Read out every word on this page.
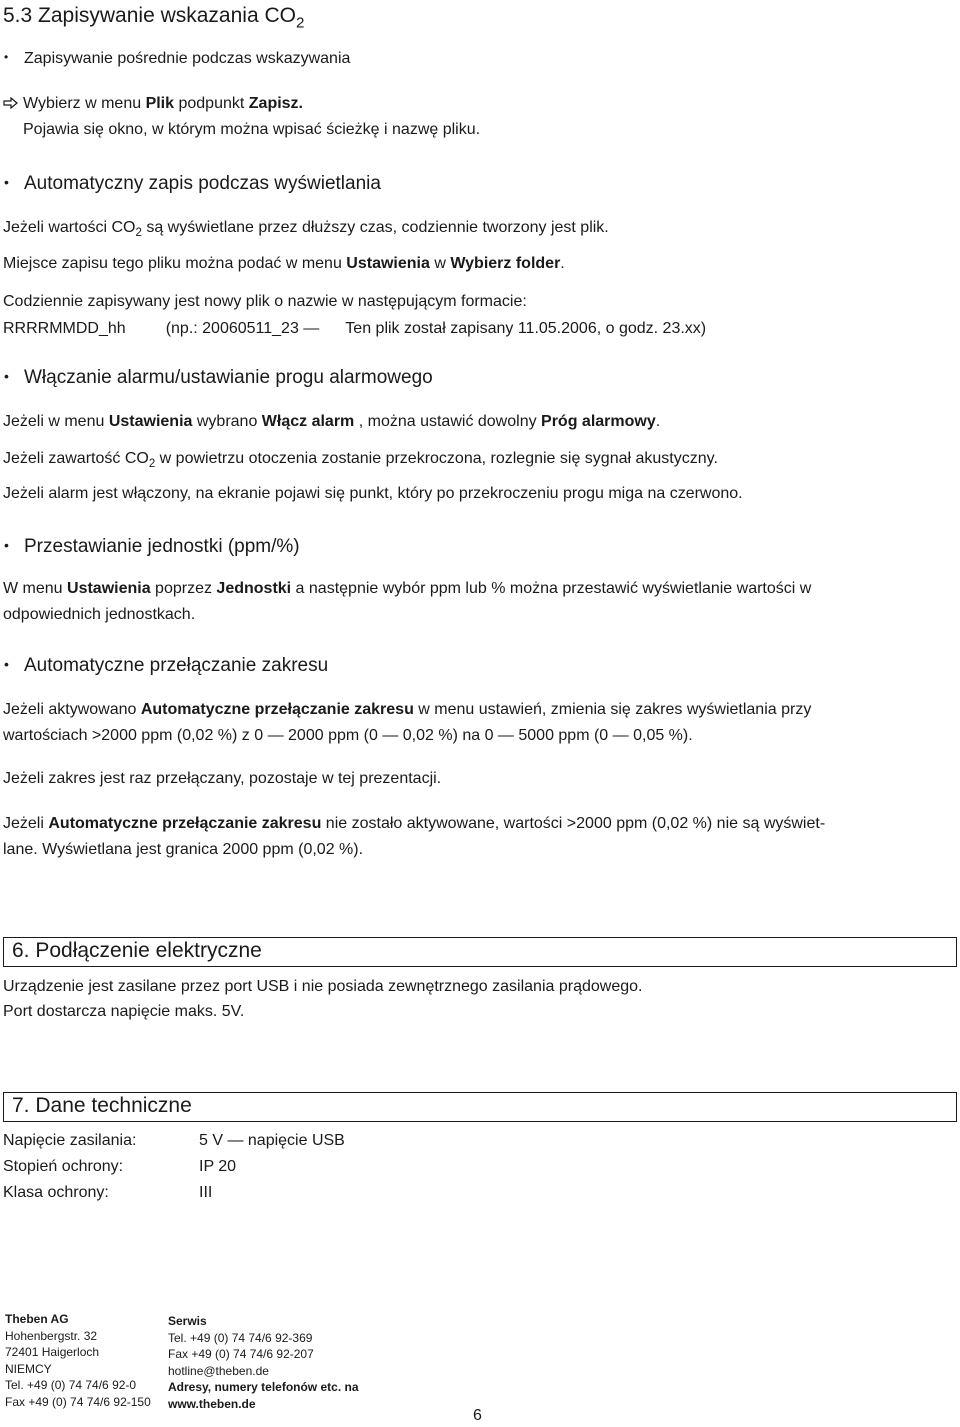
5.3 Zapisywanie wskazania $CO_2$
• Zapisywanie pośrednie podczas wskazywania
Wybierz w menu Plik podpunkt Zapisz.
Pojawia się okno, w którym można wpisać ścieżkę i nazwę pliku.
• Automatyczny zapis podczas wyświetlania
Jeżeli wartości $CO_2$ są wyświetlane przez dłuższy czas, codziennie tworzony jest plik.
Miejsce zapisu tego pliku można podać w menu Ustawienia w Wybierz folder.
Codziennie zapisywany jest nowy plik o nazwie w następującym formacie:
RRRRMMDD_hh	(np.: 20060511_23 — Ten plik został zapisany 11.05.2006, o godz. 23.xx)
• Włączanie alarmu/ustawianie progu alarmowego
Jeżeli w menu Ustawienia wybrano Włącz alarm , można ustawić dowolny Próg alarmowy.
Jeżeli zawartość $CO_2$ w powietrzu otoczenia zostanie przekroczona, rozlegnie się sygnał akustyczny.
Jeżeli alarm jest włączony, na ekranie pojawi się punkt, który po przekroczeniu progu miga na czerwono.
• Przestawianie jednostki (ppm/%)
W menu Ustawienia poprzez Jednostki a następnie wybór ppm lub % można przestawić wyświetlanie wartości w
odpowiednich jednostkach.
• Automatyczne przełączanie zakresu
Jeżeli aktywowano Automatyczne przełączanie zakresu w menu ustawień, zmienia się zakres wyświetlania przy
wartościach >2000 ppm (0,02 %) z 0 — 2000 ppm (0 — 0,02 %) na 0 — 5000 ppm (0 — 0,05 %).
Jeżeli zakres jest raz przełączany, pozostaje w tej prezentacji.
Jeżeli Automatyczne przełączanie zakresu nie zostało aktywowane, wartości >2000 ppm (0,02 %) nie są wyświet-
lane. Wyświetlana jest granica 2000 ppm (0,02 %).
6. Podłączenie elektryczne
Urządzenie jest zasilane przez port USB i nie posiada zewnętrznego zasilania prądowego.
Port dostarcza napięcie maks. 5V.
7. Dane techniczne
Napięcie zasilania:	5 V — napięcie USB
Stopień ochrony:	IP 20
Klasa ochrony:	III
Theben AG
Hohenbergstr. 32
72401 Haigerloch
NIEMCY
Tel. +49 (0) 74 74/6 92-0
Fax +49 (0) 74 74/6 92-150
Serwis
Tel. +49 (0) 74 74/6 92-369
Fax +49 (0) 74 74/6 92-207
hotline@theben.de
Adresy, numery telefonów etc. na
www.theben.de
6
